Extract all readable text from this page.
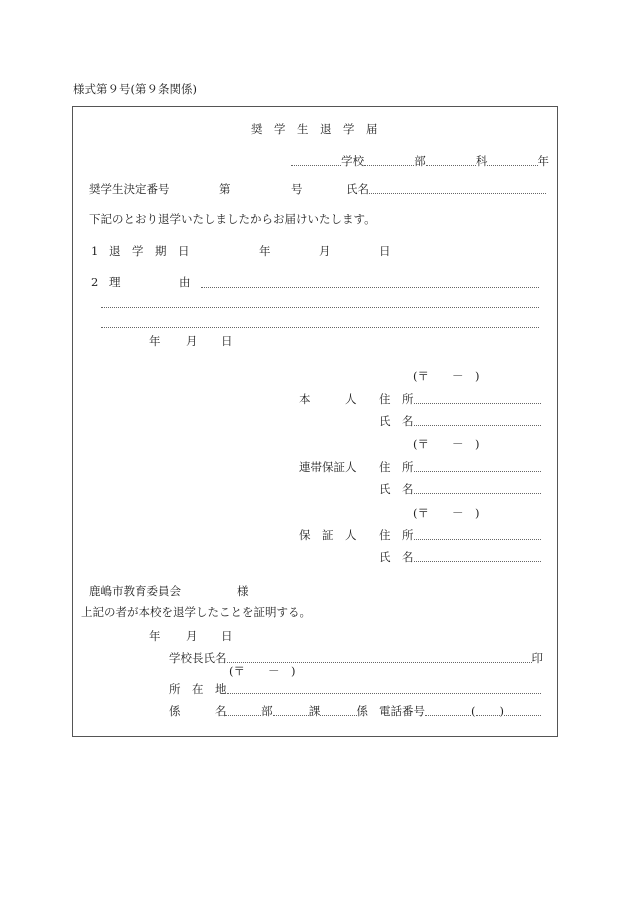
様式第９号(第９条関係)
奨　学　生　退　学　届
学校	部	科	年
奨学生決定番号	第	号	氏名
下記のとおり退学いたしましたからお届けいたします。
1 退　学　期　日	年	月	日
2 理	由
年 月 日
(〒　　－　)
本　　　人 住　所
氏　名
(〒　　－　)
連帯保証人 住　所
氏　名
(〒　　－　)
保　証　人 住　所
氏　名
鹿嶋市教育委員会	様
上記の者が本校を退学したことを証明する。
年 月 日
学校長氏名	印
(〒　　－　)
所　在　地
係　　　名	部	課	係 電話番号	( )
